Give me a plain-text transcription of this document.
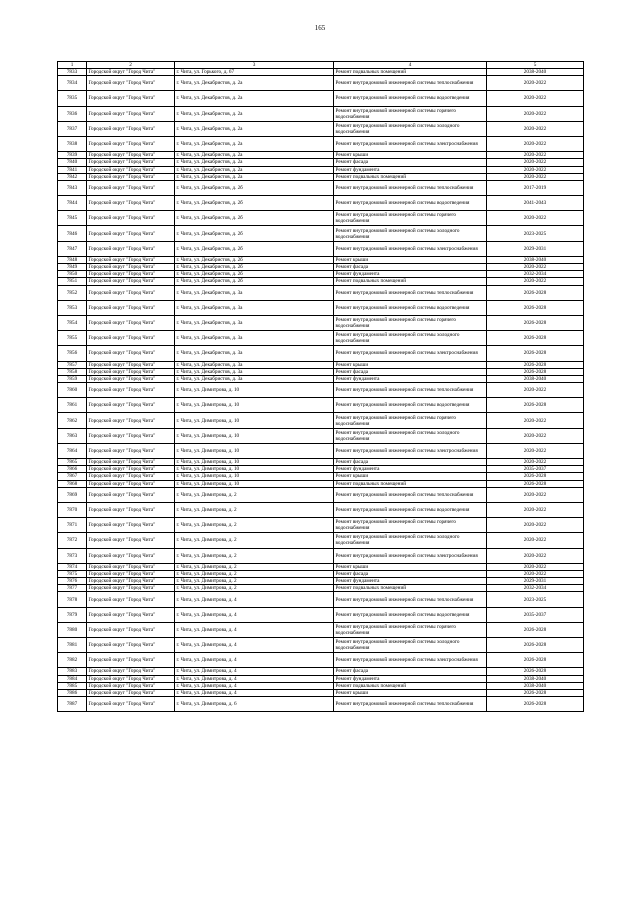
165
1	2	3	4	5
7833	Городской округ "Город Чита"	г. Чита, ул. Горького, д. 67	Ремонт подвальных помещений	2038-2040
7834	Городской округ "Город Чита"	г. Чита, ул. Декабристов, д. 2а	Ремонт внутридомовой инженерной системы теплоснабжения	2020-2022
7835	Городской округ "Город Чита"	г. Чита, ул. Декабристов, д. 2а	Ремонт внутридомовой инженерной системы водоотведения	2020-2022
7836	Городской округ "Город Чита"	г. Чита, ул. Декабристов, д. 2а	Ремонт внутридомовой инженерной системы горячего водоснабжения	2020-2022
7837	Городской округ "Город Чита"	г. Чита, ул. Декабристов, д. 2а	Ремонт внутридомовой инженерной системы холодного водоснабжения	2020-2022
7838	Городской округ "Город Чита"	г. Чита, ул. Декабристов, д. 2а	Ремонт внутридомовой инженерной системы электроснабжения	2020-2022
7839	Городской округ "Город Чита"	г. Чита, ул. Декабристов, д. 2а	Ремонт крыши	2020-2022
7840	Городской округ "Город Чита"	г. Чита, ул. Декабристов, д. 2а	Ремонт фасада	2020-2022
7841	Городской округ "Город Чита"	г. Чита, ул. Декабристов, д. 2а	Ремонт фундамента	2020-2022
7842	Городской округ "Город Чита"	г. Чита, ул. Декабристов, д. 2а	Ремонт подвальных помещений	2020-2022
7843	Городской округ "Город Чита"	г. Чита, ул. Декабристов, д. 2б	Ремонт внутридомовой инженерной системы теплоснабжения	2017-2019
7844	Городской округ "Город Чита"	г. Чита, ул. Декабристов, д. 2б	Ремонт внутридомовой инженерной системы водоотведения	2041-2043
7845	Городской округ "Город Чита"	г. Чита, ул. Декабристов, д. 2б	Ремонт внутридомовой инженерной системы горячего водоснабжения	2020-2022
7846	Городской округ "Город Чита"	г. Чита, ул. Декабристов, д. 2б	Ремонт внутридомовой инженерной системы холодного водоснабжения	2023-2025
7847	Городской округ "Город Чита"	г. Чита, ул. Декабристов, д. 2б	Ремонт внутридомовой инженерной системы электроснабжения	2029-2031
7848	Городской округ "Город Чита"	г. Чита, ул. Декабристов, д. 2б	Ремонт крыши	2038-2040
7849	Городской округ "Город Чита"	г. Чита, ул. Декабристов, д. 2б	Ремонт фасада	2020-2022
7850	Городской округ "Город Чита"	г. Чита, ул. Декабристов, д. 2б	Ремонт фундамента	2032-2034
7851	Городской округ "Город Чита"	г. Чита, ул. Декабристов, д. 2б	Ремонт подвальных помещений	2020-2022
7852	Городской округ "Город Чита"	г. Чита, ул. Декабристов, д. 3а	Ремонт внутридомовой инженерной системы теплоснабжения	2026-2028
7853	Городской округ "Город Чита"	г. Чита, ул. Декабристов, д. 3а	Ремонт внутридомовой инженерной системы водоотведения	2026-2028
7854	Городской округ "Город Чита"	г. Чита, ул. Декабристов, д. 3а	Ремонт внутридомовой инженерной системы горячего водоснабжения	2026-2028
7855	Городской округ "Город Чита"	г. Чита, ул. Декабристов, д. 3а	Ремонт внутридомовой инженерной системы холодного водоснабжения	2026-2028
7856	Городской округ "Город Чита"	г. Чита, ул. Декабристов, д. 3а	Ремонт внутридомовой инженерной системы электроснабжения	2026-2028
7857	Городской округ "Город Чита"	г. Чита, ул. Декабристов, д. 3а	Ремонт крыши	2026-2028
7858	Городской округ "Город Чита"	г. Чита, ул. Декабристов, д. 3а	Ремонт фасада	2026-2028
7859	Городской округ "Город Чита"	г. Чита, ул. Декабристов, д. 3а	Ремонт фундамента	2038-2040
7860	Городской округ "Город Чита"	г. Чита, ул. Димитрова, д. 10	Ремонт внутридомовой инженерной системы теплоснабжения	2020-2022
7861	Городской округ "Город Чита"	г. Чита, ул. Димитрова, д. 10	Ремонт внутридомовой инженерной системы водоотведения	2026-2028
7862	Городской округ "Город Чита"	г. Чита, ул. Димитрова, д. 10	Ремонт внутридомовой инженерной системы горячего водоснабжения	2020-2022
7863	Городской округ "Город Чита"	г. Чита, ул. Димитрова, д. 10	Ремонт внутридомовой инженерной системы холодного водоснабжения	2020-2022
7864	Городской округ "Город Чита"	г. Чита, ул. Димитрова, д. 10	Ремонт внутридомовой инженерной системы электроснабжения	2020-2022
7865	Городской округ "Город Чита"	г. Чита, ул. Димитрова, д. 10	Ремонт фасада	2020-2022
7866	Городской округ "Город Чита"	г. Чита, ул. Димитрова, д. 10	Ремонт фундамента	2035-2037
7867	Городской округ "Город Чита"	г. Чита, ул. Димитрова, д. 10	Ремонт крыши	2026-2028
7868	Городской округ "Город Чита"	г. Чита, ул. Димитрова, д. 10	Ремонт подвальных помещений	2026-2028
7869	Городской округ "Город Чита"	г. Чита, ул. Димитрова, д. 2	Ремонт внутридомовой инженерной системы теплоснабжения	2020-2022
7870	Городской округ "Город Чита"	г. Чита, ул. Димитрова, д. 2	Ремонт внутридомовой инженерной системы водоотведения	2020-2022
7871	Городской округ "Город Чита"	г. Чита, ул. Димитрова, д. 2	Ремонт внутридомовой инженерной системы горячего водоснабжения	2020-2022
7872	Городской округ "Город Чита"	г. Чита, ул. Димитрова, д. 2	Ремонт внутридомовой инженерной системы холодного водоснабжения	2020-2022
7873	Городской округ "Город Чита"	г. Чита, ул. Димитрова, д. 2	Ремонт внутридомовой инженерной системы электроснабжения	2020-2022
7874	Городской округ "Город Чита"	г. Чита, ул. Димитрова, д. 2	Ремонт крыши	2020-2022
7875	Городской округ "Город Чита"	г. Чита, ул. Димитрова, д. 2	Ремонт фасада	2020-2022
7876	Городской округ "Город Чита"	г. Чита, ул. Димитрова, д. 2	Ремонт фундамента	2029-2031
7877	Городской округ "Город Чита"	г. Чита, ул. Димитрова, д. 2	Ремонт подвальных помещений	2032-2034
7878	Городской округ "Город Чита"	г. Чита, ул. Димитрова, д. 4	Ремонт внутридомовой инженерной системы теплоснабжения	2023-2025
7879	Городской округ "Город Чита"	г. Чита, ул. Димитрова, д. 4	Ремонт внутридомовой инженерной системы водоотведения	2035-2037
7880	Городской округ "Город Чита"	г. Чита, ул. Димитрова, д. 4	Ремонт внутридомовой инженерной системы горячего водоснабжения	2026-2028
7881	Городской округ "Город Чита"	г. Чита, ул. Димитрова, д. 4	Ремонт внутридомовой инженерной системы холодного водоснабжения	2026-2028
7882	Городской округ "Город Чита"	г. Чита, ул. Димитрова, д. 4	Ремонт внутридомовой инженерной системы электроснабжения	2026-2028
7883	Городской округ "Город Чита"	г. Чита, ул. Димитрова, д. 4	Ремонт фасада	2026-2028
7884	Городской округ "Город Чита"	г. Чита, ул. Димитрова, д. 4	Ремонт фундамента	2038-2040
7885	Городской округ "Город Чита"	г. Чита, ул. Димитрова, д. 4	Ремонт подвальных помещений	2038-2040
7886	Городской округ "Город Чита"	г. Чита, ул. Димитрова, д. 4	Ремонт крыши	2026-2028
7887	Городской округ "Город Чита"	г. Чита, ул. Димитрова, д. 6	Ремонт внутридомовой инженерной системы теплоснабжения	2026-2028
